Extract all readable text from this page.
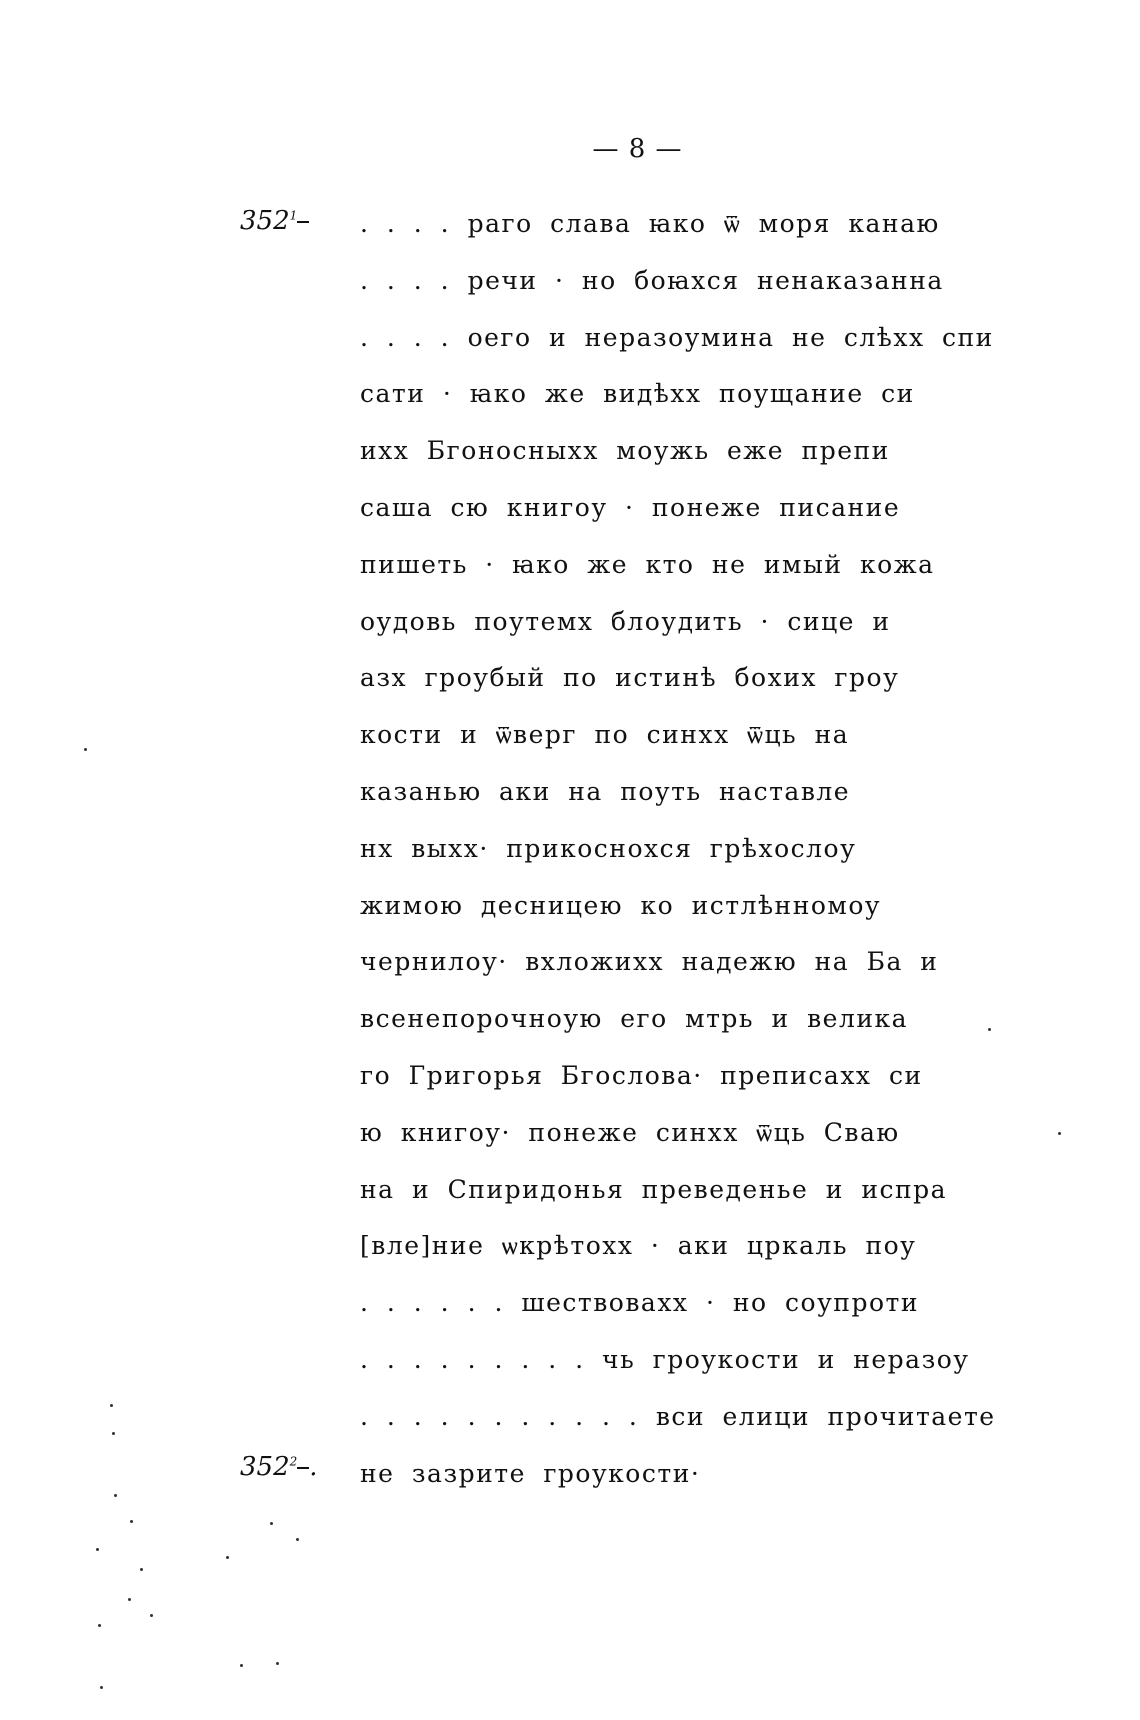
— 8 —
$352^1$
$352^2$ .
. . . . раго слава ꙗко ѿ моря канаю
. . . . речи · но боꙗхся ненаказанна
. . . . оего и неразоумина не слѣхх спи
сати · ꙗко же видѣхх поущание си
ихх Бгоносныхх моужь еже препи
саша сю книгоу · понеже писание
пишеть · ꙗко же кто не имый кожа
оудовь поутемх блоудить · сице и
азх гроубый по истинѣ бохих гроу
кости и ѿверг по синхх ѿць на
казанью аки на поуть наставле
нх выхх· прикоснохся грѣхослоу
жимою десницею ко истлѣнномоу
чернилоу· вхложихх надежю на Ба и
всенепорочноую его мтрь и велика
го Григорья Бгослова· преписахх си
ю книгоу· понеже синхх ѿць Сваю
на и Спиридонья преведенье и испра
[вле]ние ѡкрѣтохх · аки цркаль поу
. . . . . . шествовахх · но соупроти
. . . . . . . . . чь гроукости и неразоу
. . . . . . . . . . . вси елици прочитаете
не зазрите гроукости·
